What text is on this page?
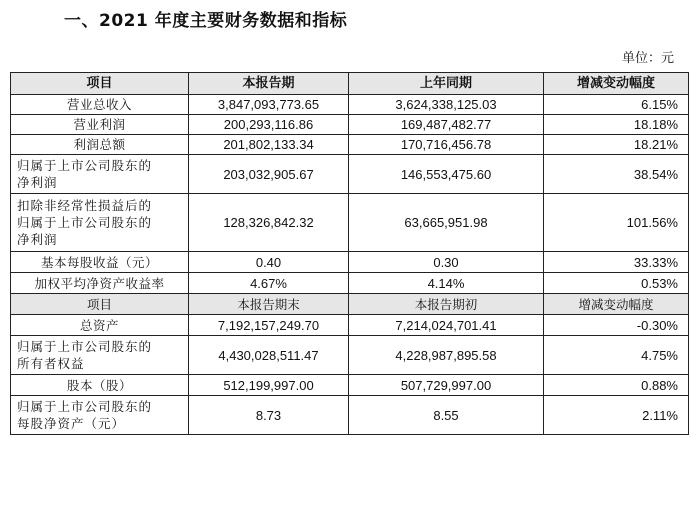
一、2021 年度主要财务数据和指标
单位：元
项目	本报告期	上年同期	增减变动幅度
营业总收入	3,847,093,773.65	3,624,338,125.03	6.15%
营业利润	200,293,116.86	169,487,482.77	18.18%
利润总额	201,802,133.34	170,716,456.78	18.21%

归属于上市公司股东的
净利润	203,032,905.67	146,553,475.60	38.54%

扣除非经常性损益后的
归属于上市公司股东的
净利润	128,326,842.32	63,665,951.98	101.56%
基本每股收益（元）	0.40	0.30	33.33%
加权平均净资产收益率	4.67%	4.14%	0.53%
项目	本报告期末	本报告期初	增减变动幅度
总资产	7,192,157,249.70	7,214,024,701.41	-0.30%

归属于上市公司股东的
所有者权益	4,430,028,511.47	4,228,987,895.58	4.75%
股本（股）	512,199,997.00	507,729,997.00	0.88%

归属于上市公司股东的
每股净资产（元）	8.73	8.55	2.11%
